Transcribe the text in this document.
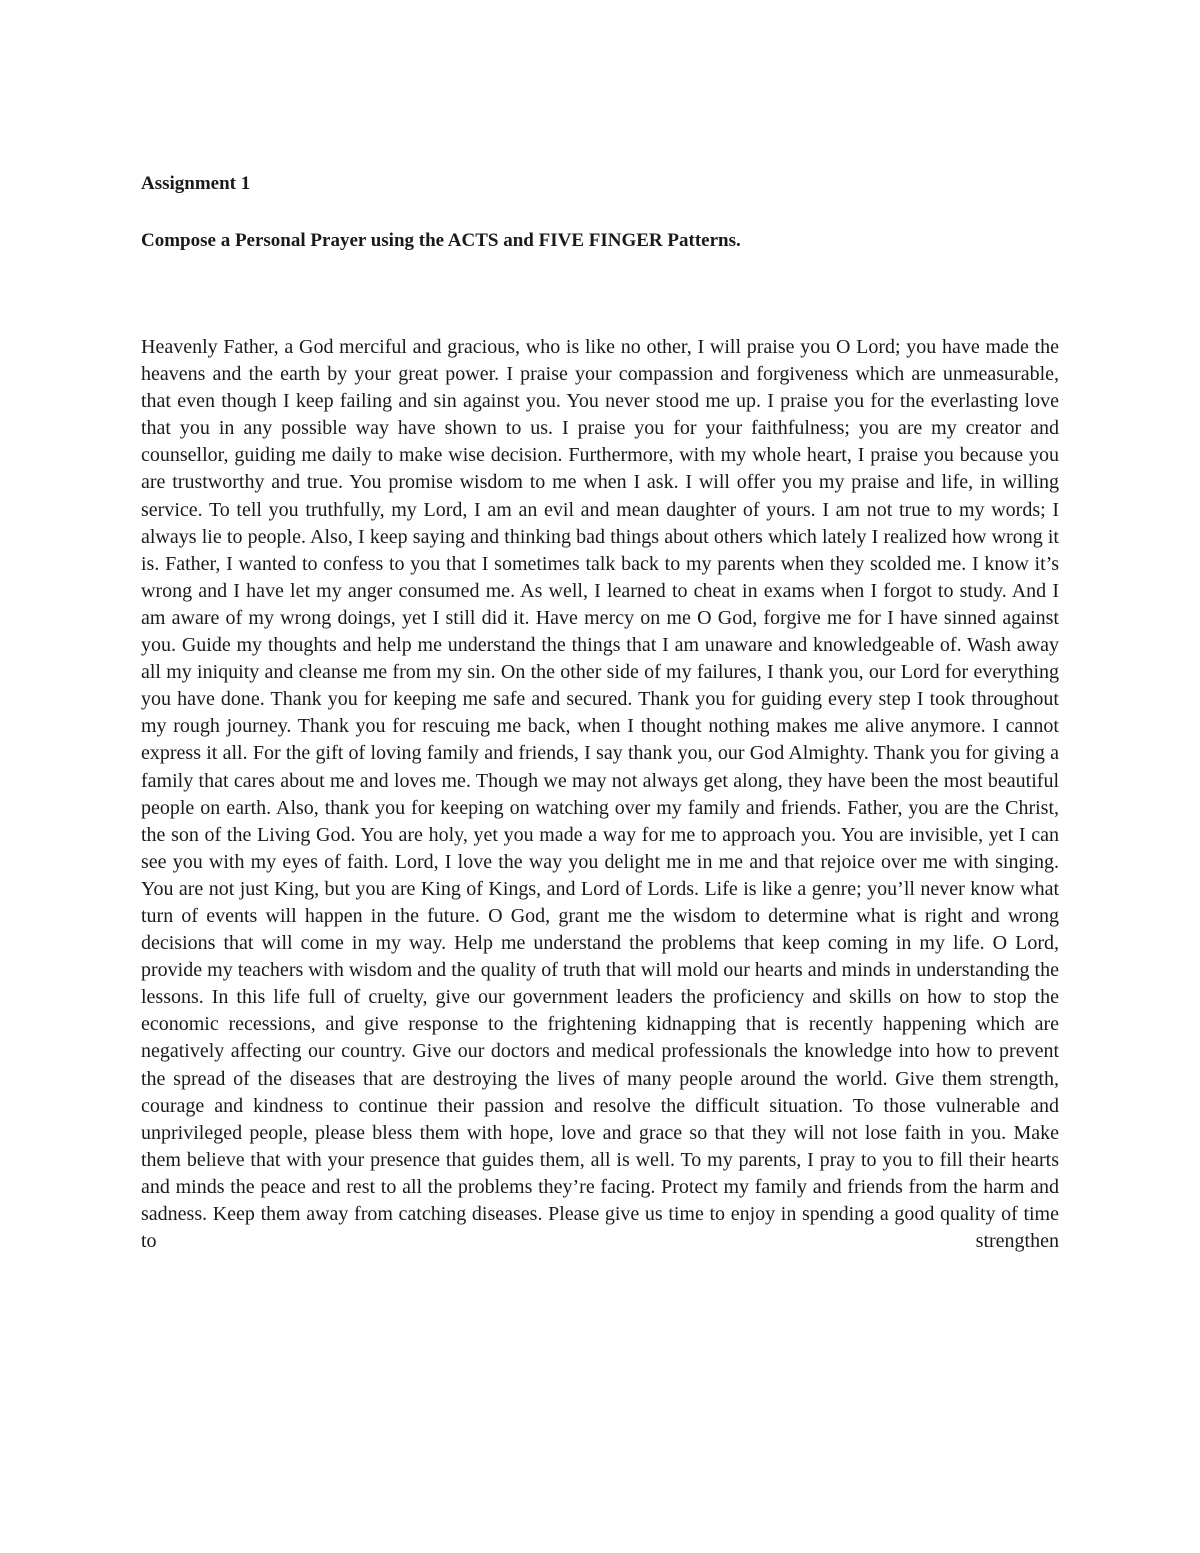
Assignment 1
Compose a Personal Prayer using the ACTS and FIVE FINGER Patterns.

Heavenly Father, a God merciful and gracious, who is like no other, I will praise you O Lord; you have made the heavens and the earth by your great power. I praise your compassion and forgiveness which are unmeasurable, that even though I keep failing and sin against you. You never stood me up. I praise you for the everlasting love that you in any possible way have shown to us. I praise you for your faithfulness; you are my creator and counsellor, guiding me daily to make wise decision. Furthermore, with my whole heart, I praise you because you are trustworthy and true. You promise wisdom to me when I ask. I will offer you my praise and life, in willing service. To tell you truthfully, my Lord, I am an evil and mean daughter of yours. I am not true to my words; I always lie to people. Also, I keep saying and thinking bad things about others which lately I realized how wrong it is. Father, I wanted to confess to you that I sometimes talk back to my parents when they scolded me. I know it’s wrong and I have let my anger consumed me. As well, I learned to cheat in exams when I forgot to study. And I am aware of my wrong doings, yet I still did it. Have mercy on me O God, forgive me for I have sinned against you. Guide my thoughts and help me understand the things that I am unaware and knowledgeable of. Wash away all my iniquity and cleanse me from my sin. On the other side of my failures, I thank you, our Lord for everything you have done. Thank you for keeping me safe and secured. Thank you for guiding every step I took throughout my rough journey. Thank you for rescuing me back, when I thought nothing makes me alive anymore. I cannot express it all. For the gift of loving family and friends, I say thank you, our God Almighty. Thank you for giving a family that cares about me and loves me. Though we may not always get along, they have been the most beautiful people on earth. Also, thank you for keeping on watching over my family and friends. Father, you are the Christ, the son of the Living God. You are holy, yet you made a way for me to approach you. You are invisible, yet I can see you with my eyes of faith. Lord, I love the way you delight me in me and that rejoice over me with singing. You are not just King, but you are King of Kings, and Lord of Lords. Life is like a genre; you’ll never know what turn of events will happen in the future. O God, grant me the wisdom to determine what is right and wrong decisions that will come in my way. Help me understand the problems that keep coming in my life. O Lord, provide my teachers with wisdom and the quality of truth that will mold our hearts and minds in understanding the lessons. In this life full of cruelty, give our government leaders the proficiency and skills on how to stop the economic recessions, and give response to the frightening kidnapping that is recently happening which are negatively affecting our country. Give our doctors and medical professionals the knowledge into how to prevent the spread of the diseases that are destroying the lives of many people around the world. Give them strength, courage and kindness to continue their passion and resolve the difficult situation. To those vulnerable and unprivileged people, please bless them with hope, love and grace so that they will not lose faith in you. Make them believe that with your presence that guides them, all is well. To my parents, I pray to you to fill their hearts and minds the peace and rest to all the problems they’re facing. Protect my family and friends from the harm and sadness. Keep them away from catching diseases. Please give us time to enjoy in spending a good quality of time to strengthen
